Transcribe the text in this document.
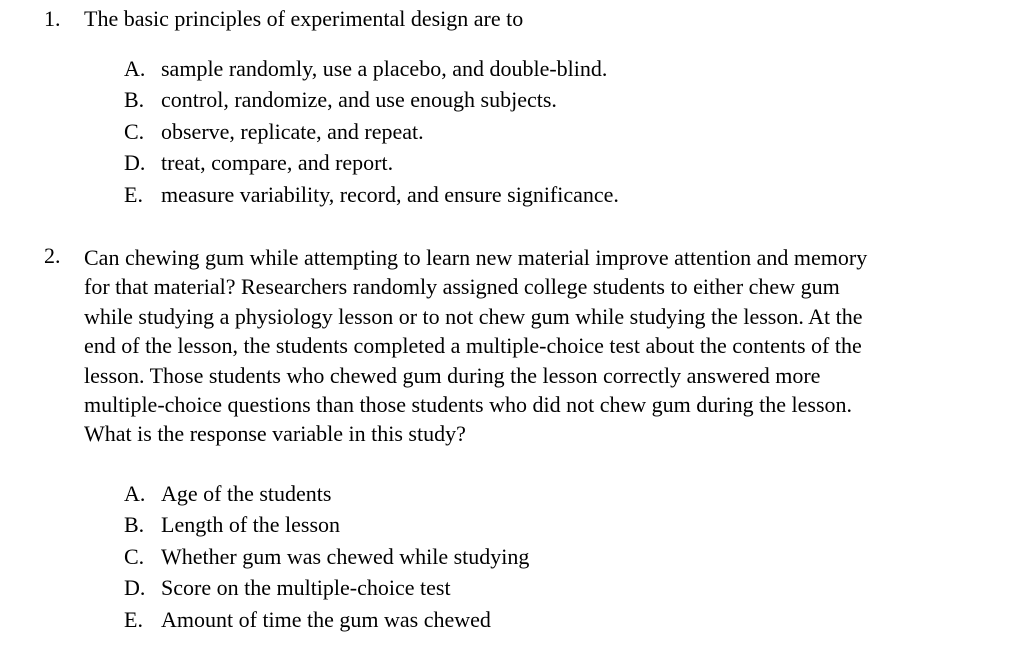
1. The basic principles of experimental design are to
A. sample randomly, use a placebo, and double-blind.
B. control, randomize, and use enough subjects.
C. observe, replicate, and repeat.
D. treat, compare, and report.
E. measure variability, record, and ensure significance.
2. Can chewing gum while attempting to learn new material improve attention and memory
for that material? Researchers randomly assigned college students to either chew gum
while studying a physiology lesson or to not chew gum while studying the lesson. At the
end of the lesson, the students completed a multiple-choice test about the contents of the
lesson. Those students who chewed gum during the lesson correctly answered more
multiple-choice questions than those students who did not chew gum during the lesson.
What is the response variable in this study?
A. Age of the students
B. Length of the lesson
C. Whether gum was chewed while studying
D. Score on the multiple-choice test
E. Amount of time the gum was chewed
